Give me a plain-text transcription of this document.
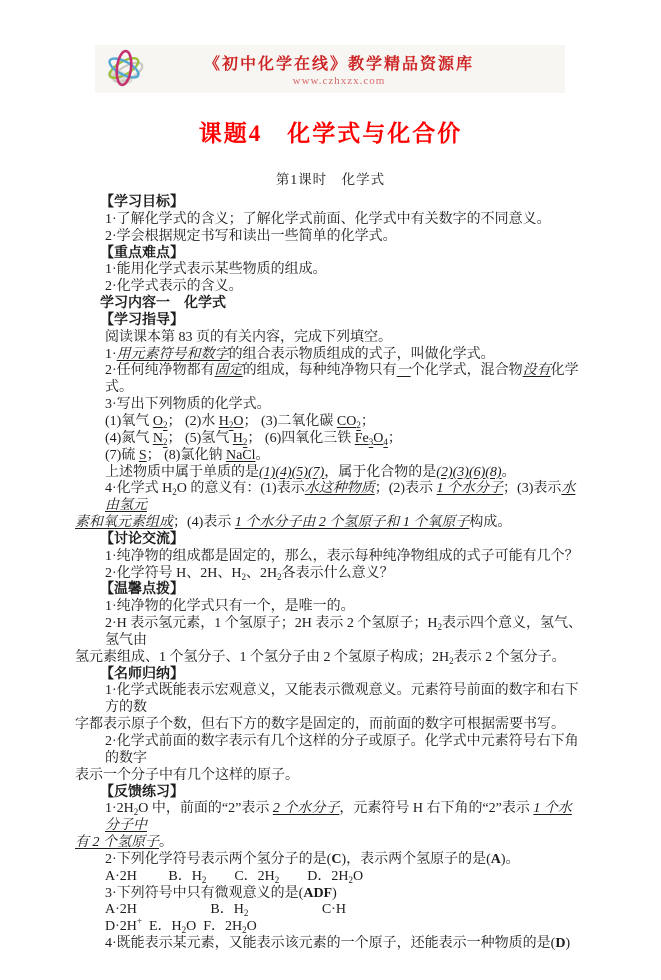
《初中化学在线》教学精品资源库
www.czhxzx.com
课题4　化学式与化合价
第1课时　化学式
【学习目标】
1·了解化学式的含义；了解化学式前面、化学式中有关数字的不同意义。
2·学会根据规定书写和读出一些简单的化学式。
【重点难点】
1·能用化学式表示某些物质的组成。
2·化学式表示的含义。
学习内容一　化学式
【学习指导】
阅读课本第 83 页的有关内容，完成下列填空。
1·用元素符号和数字的组合表示物质组成的式子，叫做化学式。
2·任何纯净物都有固定的组成，每种纯净物只有一个化学式，混合物没有化学式。
3·写出下列物质的化学式。
(1)氧气 $O_2$； (2)水 $H_2O$； (3)二氧化碳 $CO_2$；
(4)氮气 $N_2$； (5)氢气 $H_2$； (6)四氧化三铁 $Fe_3O_4$；
(7)硫 S； (8)氯化钠 NaCl。
上述物质中属于单质的是(1)(4)(5)(7)，属于化合物的是(2)(3)(6)(8)。
4·化学式 $H_2O$ 的意义有：(1)表示水这种物质；(2)表示 1 个水分子；(3)表示水由氢元
素和氧元素组成；(4)表示 1 个水分子由 2 个氢原子和 1 个氧原子构成。
【讨论交流】
1·纯净物的组成都是固定的，那么，表示每种纯净物组成的式子可能有几个？
2·化学符号 H、2H、$H_2$、$2H_2$各表示什么意义？
【温馨点拨】
1·纯净物的化学式只有一个，是唯一的。
2·H 表示氢元素，1 个氢原子；2H 表示 2 个氢原子；$H_2$表示四个意义，氢气、氢气由
氢元素组成、1 个氢分子、1 个氢分子由 2 个氢原子构成；$2H_2$表示 2 个氢分子。
【名师归纳】
1·化学式既能表示宏观意义，又能表示微观意义。元素符号前面的数字和右下方的数
字都表示原子个数，但右下方的数字是固定的，而前面的数字可根据需要书写。
2·化学式前面的数字表示有几个这样的分子或原子。化学式中元素符号右下角的数字
表示一个分子中有几个这样的原子。
【反馈练习】
$1\cdot 2H_2O$ 中，前面的“2”表示 2 个水分子，元素符号 H 右下角的“2”表示 1 个水分子中
有 2 个氢原子。
2·下列化学符号表示两个氢分子的是(C)，表示两个氢原子的是(A)。
A·2H　　 B．$H_2$　　C．$2H_2$　　D．$2H_2O$
3·下列符号中只有微观意义的是(ADF)
A·2H　　　　　 B．$H_2$　　　　　 C·H
D·2H+  E．$H_2O$  F．$2H_2O$
4·既能表示某元素，又能表示该元素的一个原子，还能表示一种物质的是(D)
